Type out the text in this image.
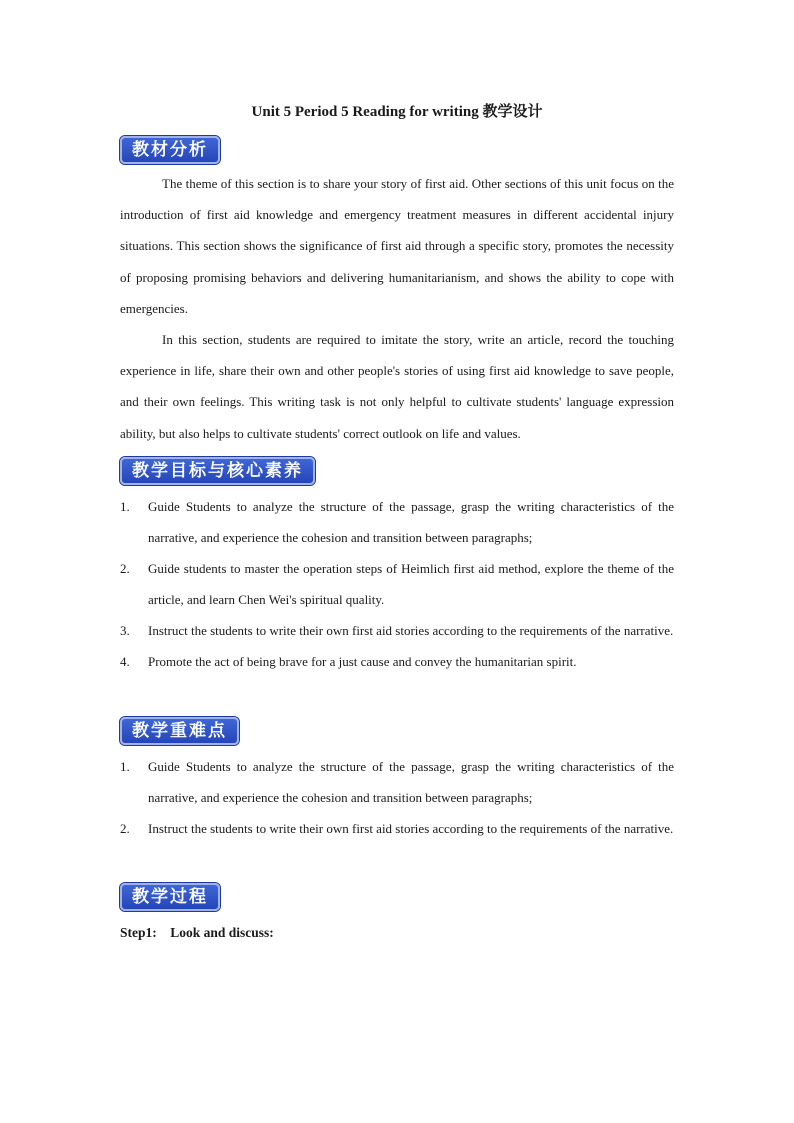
Unit 5 Period 5 Reading for writing 教学设计
教材分析

The theme of this section is to share your story of first aid. Other sections of this unit focus on the introduction of first aid knowledge and emergency treatment measures in different accidental injury situations. This section shows the significance of first aid through a specific story, promotes the necessity of proposing promising behaviors and delivering humanitarianism, and shows the ability to cope with emergencies.

In this section, students are required to imitate the story, write an article, record the touching experience in life, share their own and other people's stories of using first aid knowledge to save people, and their own feelings. This writing task is not only helpful to cultivate students' language expression ability, but also helps to cultivate students' correct outlook on life and values.

教学目标与核心素养
1. Guide Students to analyze the structure of the passage, grasp the writing characteristics of the narrative, and experience the cohesion and transition between paragraphs;
2. Guide students to master the operation steps of Heimlich first aid method, explore the theme of the article, and learn Chen Wei's spiritual quality.
3. Instruct the students to write their own first aid stories according to the requirements of the narrative.
4. Promote the act of being brave for a just cause and convey the humanitarian spirit.
教学重难点
1. Guide Students to analyze the structure of the passage, grasp the writing characteristics of the narrative, and experience the cohesion and transition between paragraphs;
2. Instruct the students to write their own first aid stories according to the requirements of the narrative.
教学过程
Step1:    Look and discuss:
